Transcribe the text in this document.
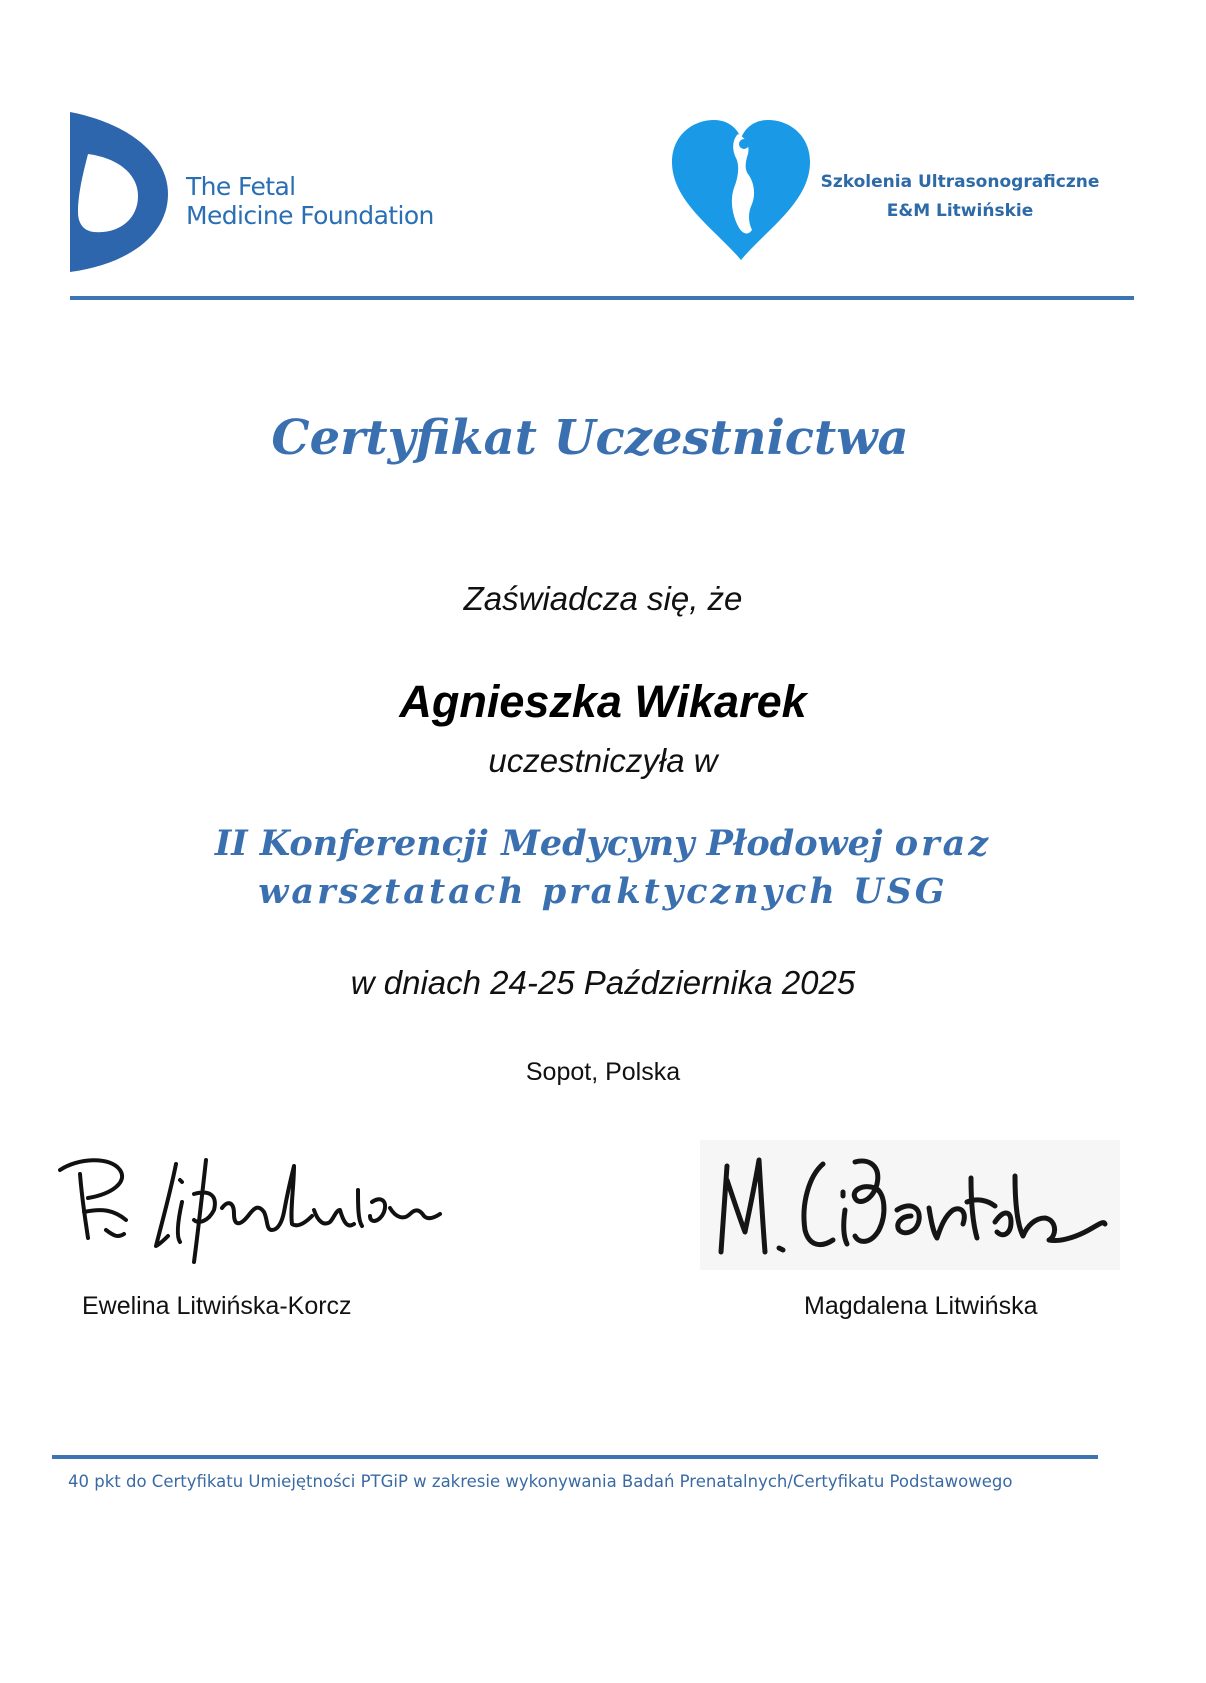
The Fetal
Medicine Foundation
Szkolenia Ultrasonograficzne
E&M Litwińskie
Certyfikat Uczestnictwa
Zaświadcza się, że
Agnieszka Wikarek
uczestniczyła w
II Konferencji Medycyny Płodowej oraz
warsztatach praktycznych USG
w dniach 24-25 Października 2025
Sopot, Polska
Ewelina Litwińska-Korcz	Magdalena Litwińska
40 pkt do Certyfikatu Umiejętności PTGiP w zakresie wykonywania Badań Prenatalnych/Certyfikatu Podstawowego
